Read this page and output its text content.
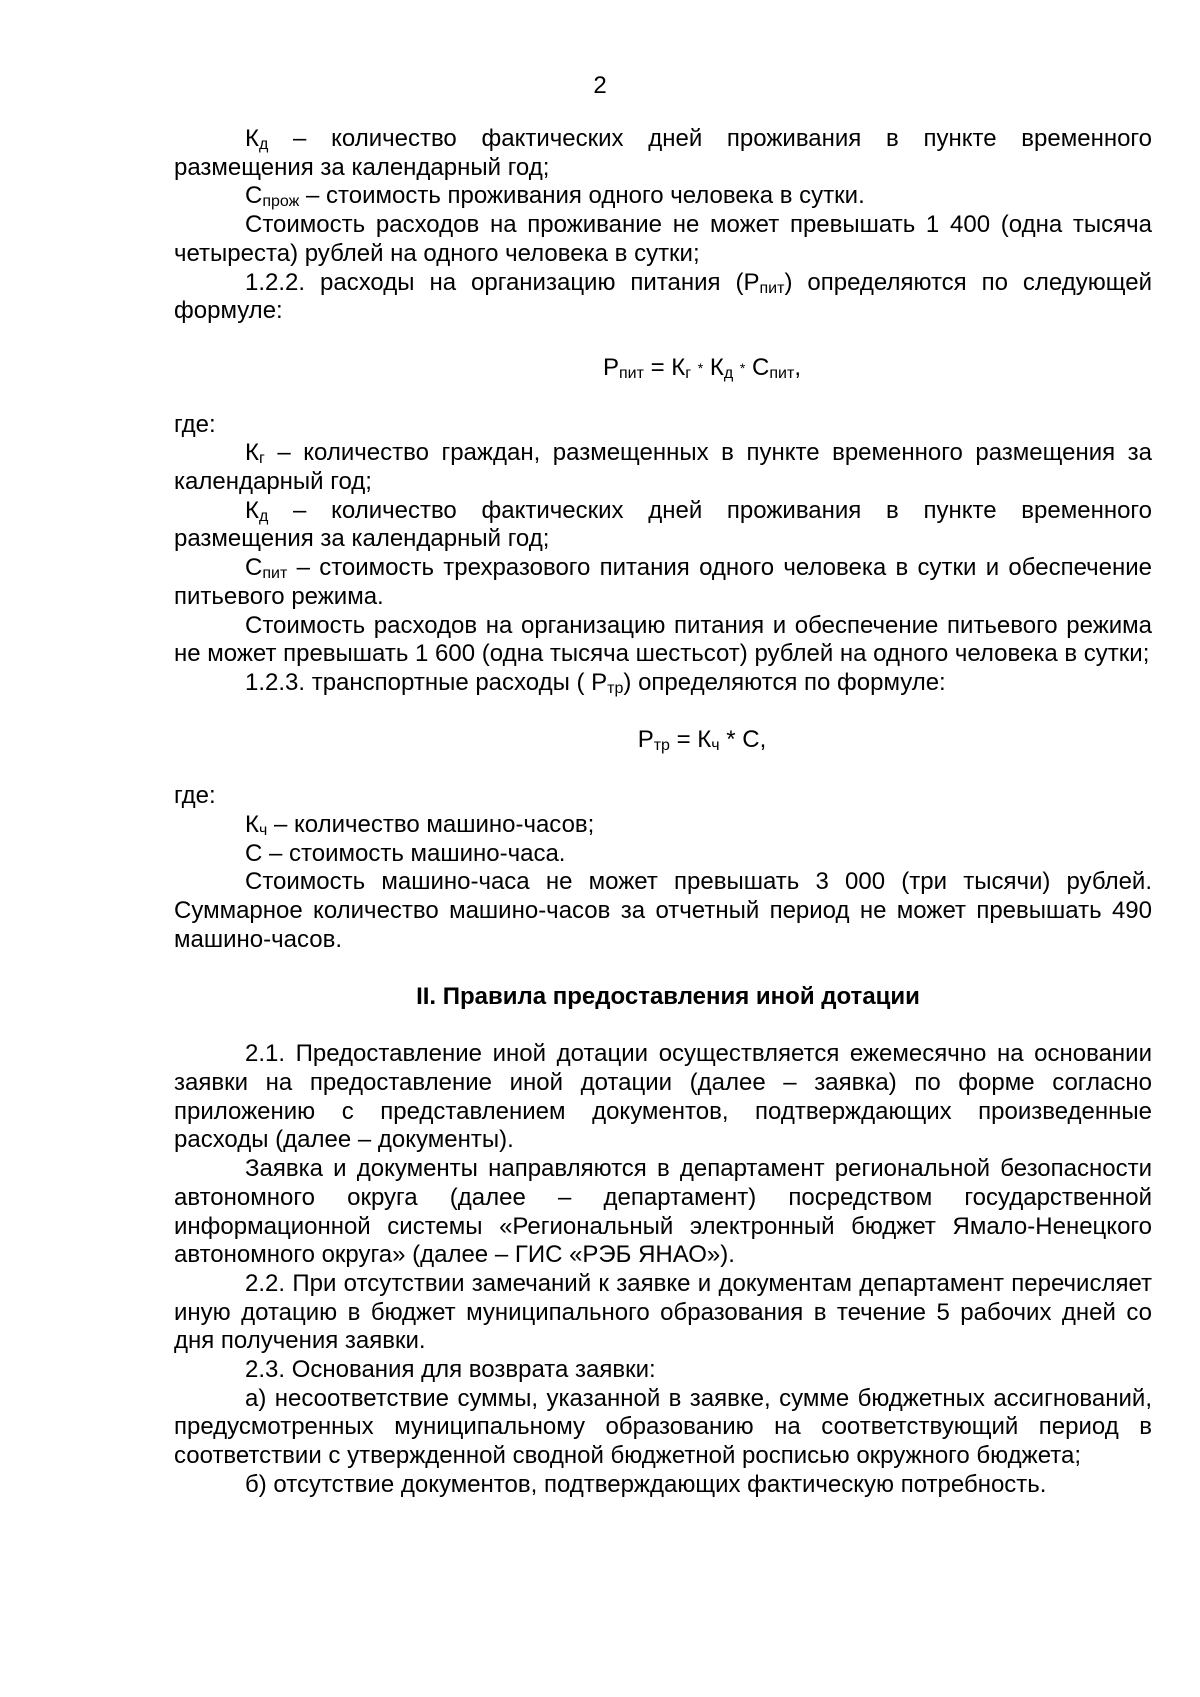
2

$К_д$ – количество фактических дней проживания в пункте временного размещения за календарный год;

$С_{прож}$ – стоимость проживания одного человека в сутки.

Стоимость расходов на проживание не может превышать 1 400 (одна тысяча четыреста) рублей на одного человека в сутки;

1.2.2. расходы на организацию питания $(Р_{пит})$ определяются по следующей формуле:

$Р_{пит} = К_г * К_д * С_{пит}$,

где:

$К_г$ – количество граждан, размещенных в пункте временного размещения за календарный год;

$К_д$ – количество фактических дней проживания в пункте временного размещения за календарный год;

$С_{пит}$ – стоимость трехразового питания одного человека в сутки и обеспечение питьевого режима.

Стоимость расходов на организацию питания и обеспечение питьевого режима не может превышать 1 600 (одна тысяча шестьсот) рублей на одного человека в сутки;

1.2.3. транспортные расходы ( $Р_{тр}$) определяются по формуле:

$Р_{тр} = К_ч * С$,

где:

$К_ч$ – количество машино-часов;

С – стоимость машино-часа.

Стоимость машино-часа не может превышать 3 000 (три тысячи) рублей. Суммарное количество машино-часов за отчетный период не может превышать 490 машино-часов.

II. Правила предоставления иной дотации

2.1. Предоставление иной дотации осуществляется ежемесячно на основании заявки на предоставление иной дотации (далее – заявка) по форме согласно приложению с представлением документов, подтверждающих произведенные расходы (далее – документы).

Заявка и документы направляются в департамент региональной безопасности автономного округа (далее – департамент) посредством государственной информационной системы «Региональный электронный бюджет Ямало-Ненецкого автономного округа» (далее – ГИС «РЭБ ЯНАО»).

2.2. При отсутствии замечаний к заявке и документам департамент перечисляет иную дотацию в бюджет муниципального образования в течение 5 рабочих дней со дня получения заявки.

2.3. Основания для возврата заявки:

а) несоответствие суммы, указанной в заявке, сумме бюджетных ассигнований, предусмотренных муниципальному образованию на соответствующий период в соответствии с утвержденной сводной бюджетной росписью окружного бюджета;

б) отсутствие документов, подтверждающих фактическую потребность.
